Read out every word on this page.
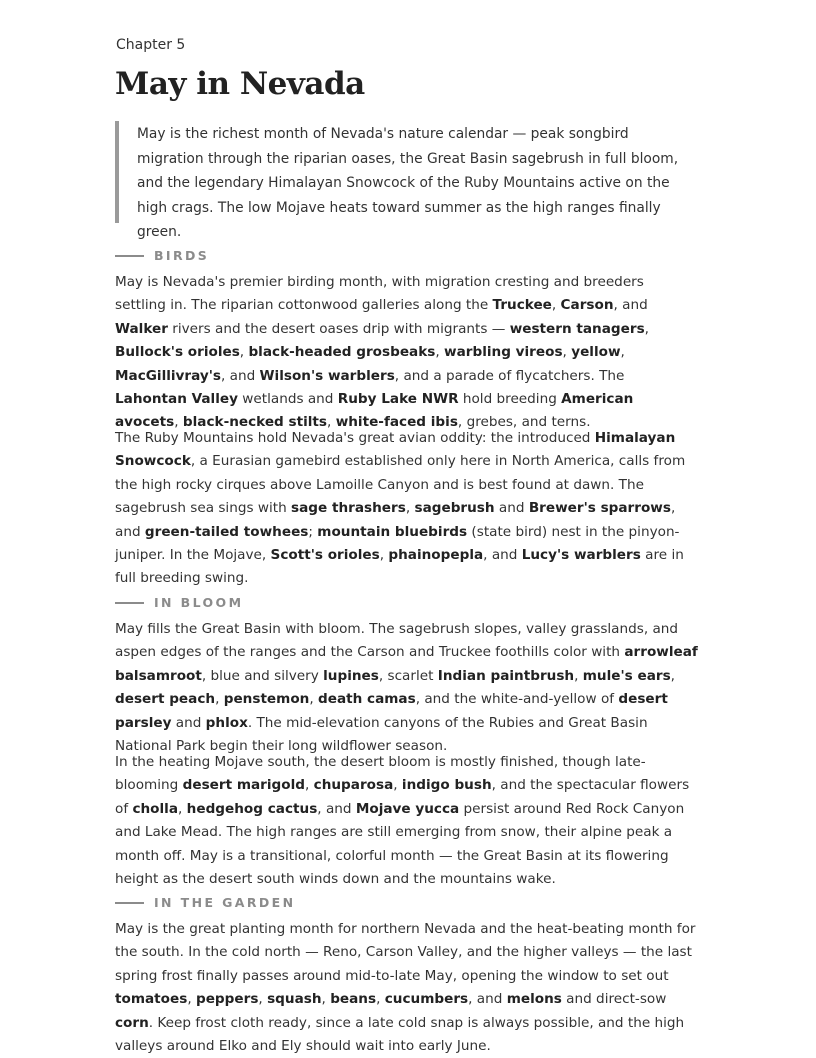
Chapter 5
May in Nevada
May is the richest month of Nevada's nature calendar — peak songbird migration through the riparian oases, the Great Basin sagebrush in full bloom, and the legendary Himalayan Snowcock of the Ruby Mountains active on the high crags. The low Mojave heats toward summer as the high ranges finally green.
BIRDS

May is Nevada's premier birding month, with migration cresting and breeders settling in. The riparian cottonwood galleries along the Truckee, Carson, and Walker rivers and the desert oases drip with migrants — western tanagers, Bullock's orioles, black-headed grosbeaks, warbling vireos, yellow, MacGillivray's, and Wilson's warblers, and a parade of flycatchers. The Lahontan Valley wetlands and Ruby Lake NWR hold breeding American avocets, black-necked stilts, white-faced ibis, grebes, and terns.

The Ruby Mountains hold Nevada's great avian oddity: the introduced Himalayan Snowcock, a Eurasian gamebird established only here in North America, calls from the high rocky cirques above Lamoille Canyon and is best found at dawn. The sagebrush sea sings with sage thrashers, sagebrush and Brewer's sparrows, and green-tailed towhees; mountain bluebirds (state bird) nest in the pinyon-juniper. In the Mojave, Scott's orioles, phainopepla, and Lucy's warblers are in full breeding swing.

IN BLOOM

May fills the Great Basin with bloom. The sagebrush slopes, valley grasslands, and aspen edges of the ranges and the Carson and Truckee foothills color with arrowleaf balsamroot, blue and silvery lupines, scarlet Indian paintbrush, mule's ears, desert peach, penstemon, death camas, and the white-and-yellow of desert parsley and phlox. The mid-elevation canyons of the Rubies and Great Basin National Park begin their long wildflower season.

In the heating Mojave south, the desert bloom is mostly finished, though late-blooming desert marigold, chuparosa, indigo bush, and the spectacular flowers of cholla, hedgehog cactus, and Mojave yucca persist around Red Rock Canyon and Lake Mead. The high ranges are still emerging from snow, their alpine peak a month off. May is a transitional, colorful month — the Great Basin at its flowering height as the desert south winds down and the mountains wake.

IN THE GARDEN

May is the great planting month for northern Nevada and the heat-beating month for the south. In the cold north — Reno, Carson Valley, and the higher valleys — the last spring frost finally passes around mid-to-late May, opening the window to set out tomatoes, peppers, squash, beans, cucumbers, and melons and direct-sow corn. Keep frost cloth ready, since a late cold snap is always possible, and the high valleys around Elko and Ely should wait into early June.
